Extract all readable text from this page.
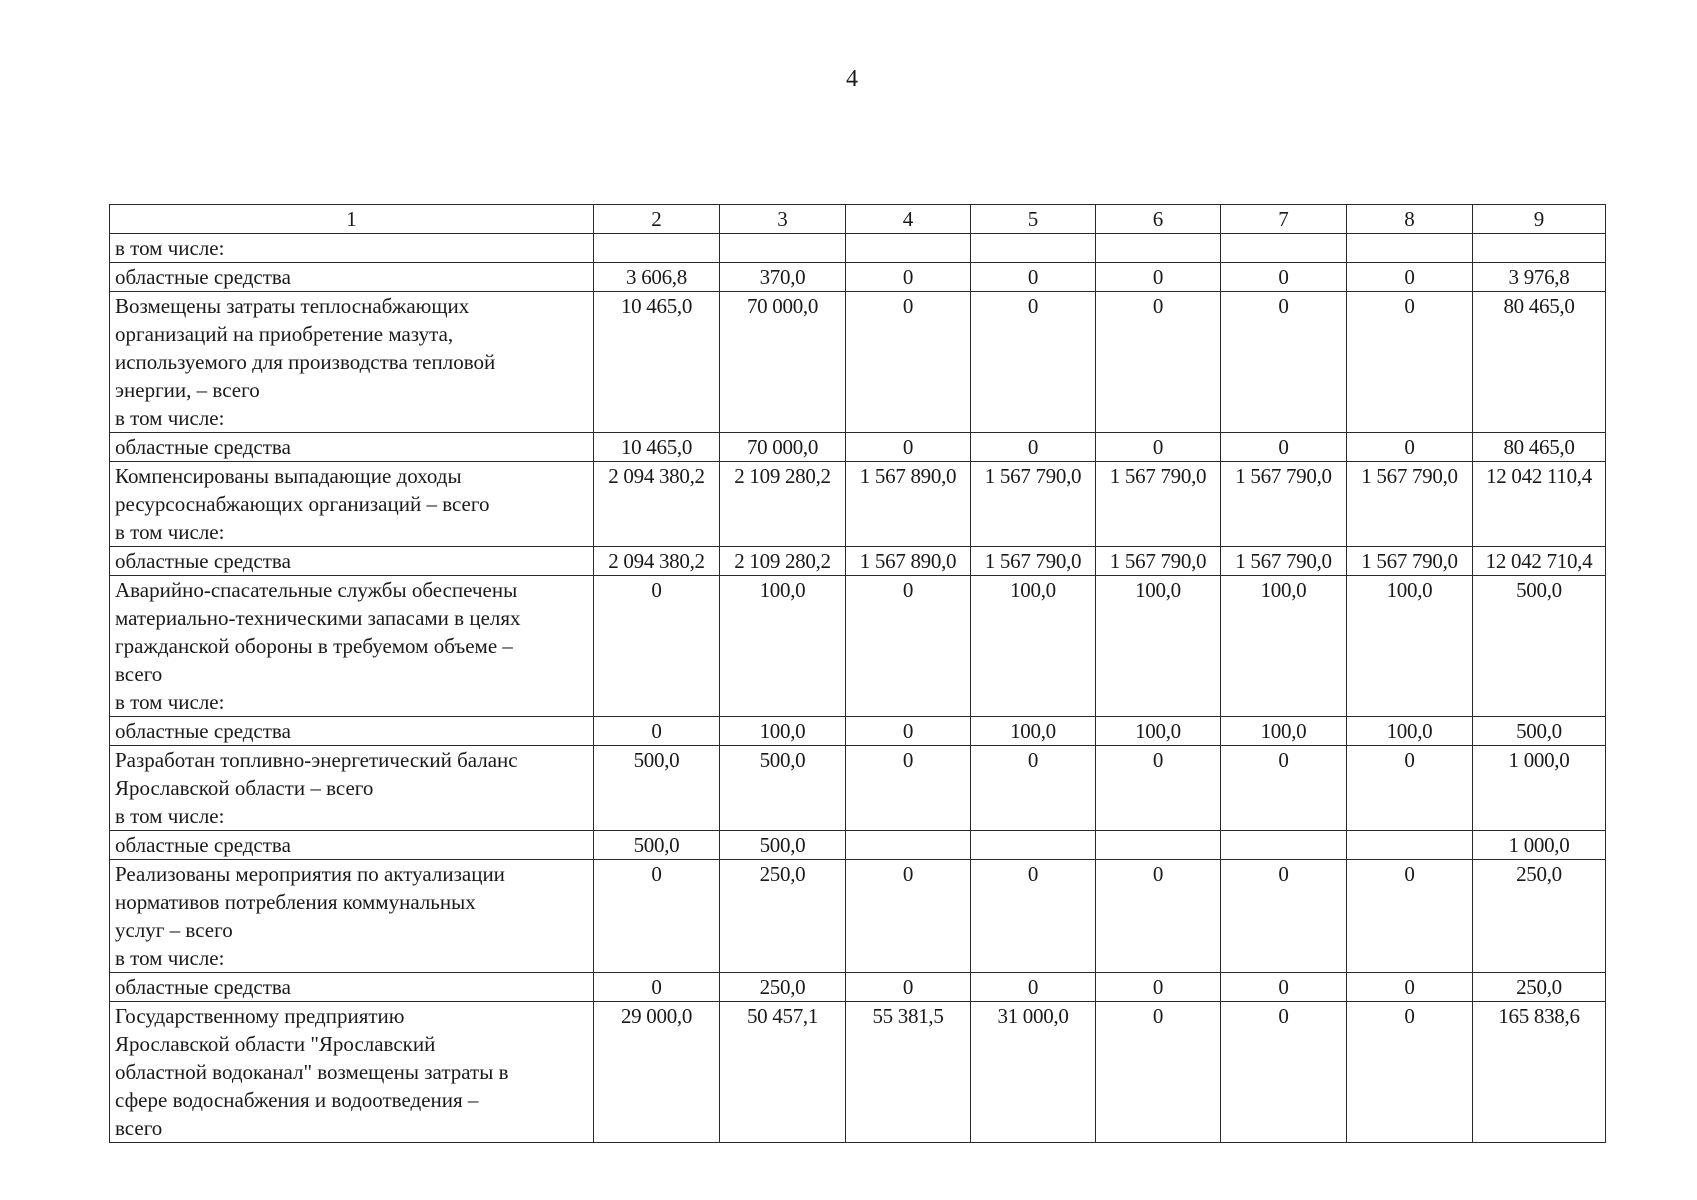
4
1	2	3	4	5	6	7	8	9

в том числе:								

областные средства	3 606,8	370,0	0	0	0	0	0	3 976,8

Возмещены затраты теплоснабжающих
организаций на приобретение мазута,
используемого для производства тепловой
энергии, – всего
в том числе:	10 465,0	70 000,0	0	0	0	0	0	80 465,0

областные средства	10 465,0	70 000,0	0	0	0	0	0	80 465,0

Компенсированы выпадающие доходы
ресурсоснабжающих организаций – всего
в том числе:	2 094 380,2	2 109 280,2	1 567 890,0	1 567 790,0	1 567 790,0	1 567 790,0	1 567 790,0	12 042 110,4

областные средства	2 094 380,2	2 109 280,2	1 567 890,0	1 567 790,0	1 567 790,0	1 567 790,0	1 567 790,0	12 042 710,4

Аварийно-спасательные службы обеспечены
материально-техническими запасами в целях
гражданской обороны в требуемом объеме –
всего
в том числе:	0	100,0	0	100,0	100,0	100,0	100,0	500,0

областные средства	0	100,0	0	100,0	100,0	100,0	100,0	500,0

Разработан топливно-энергетический баланс
Ярославской области – всего
в том числе:	500,0	500,0	0	0	0	0	0	1 000,0

областные средства	500,0	500,0						1 000,0

Реализованы мероприятия по актуализации
нормативов потребления коммунальных
услуг – всего
в том числе:	0	250,0	0	0	0	0	0	250,0

областные средства	0	250,0	0	0	0	0	0	250,0

Государственному предприятию
Ярославской области "Ярославский
областной водоканал" возмещены затраты в
сфере водоснабжения и водоотведения –
всего	29 000,0	50 457,1	55 381,5	31 000,0	0	0	0	165 838,6
